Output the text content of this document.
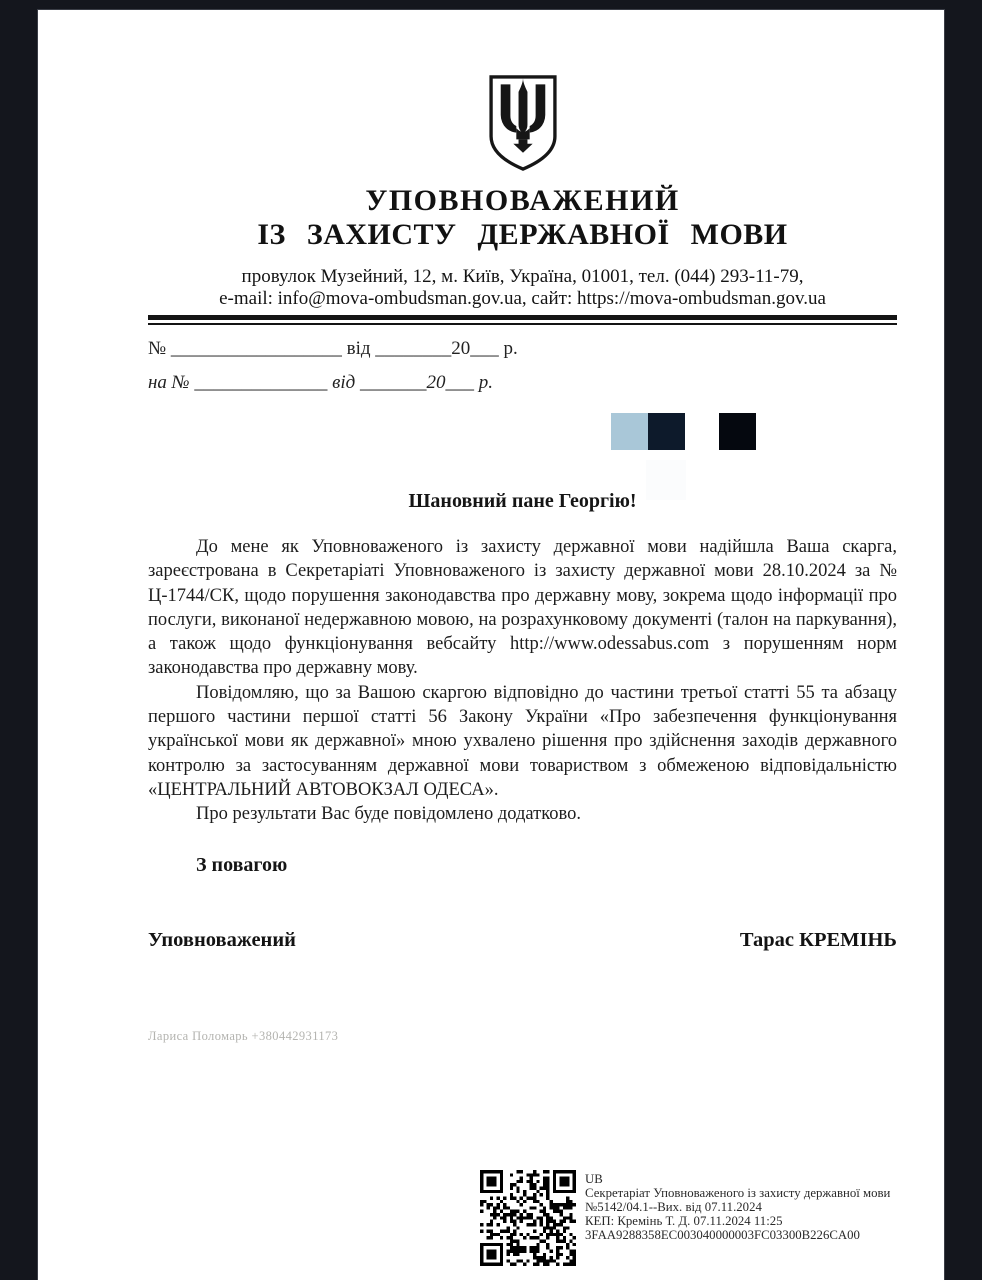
УПОВНОВАЖЕНИЙ
ІЗ ЗАХИСТУ ДЕРЖАВНОЇ МОВИ
провулок Музейний, 12, м. Київ, Україна, 01001, тел. (044) 293-11-79,
e-mail: info@mova-ombudsman.gov.ua, сайт: https://mova-ombudsman.gov.ua
№ __________________ від ________20___ р.
на № ______________ від _______20___ р.
Шановний пане Георгію!

До мене як Уповноваженого із захисту державної мови надійшла Ваша скарга, зареєстрована в Секретаріаті Уповноваженого із захисту державної мови 28.10.2024 за № Ц-1744/СК, щодо порушення законодавства про державну мову, зокрема щодо інформації про послуги, виконаної недержавною мовою, на розрахунковому документі (талон на паркування), а також щодо функціонування вебсайту http://www.odessabus.com з порушенням норм законодавства про державну мову.

Повідомляю, що за Вашою скаргою відповідно до частини третьої статті 55 та абзацу першого частини першої статті 56 Закону України «Про забезпечення функціонування української мови як державної» мною ухвалено рішення про здійснення заходів державного контролю за застосуванням державної мови товариством з обмеженою відповідальністю «ЦЕНТРАЛЬНИЙ АВТОВОКЗАЛ ОДЕСА».

Про результати Вас буде повідомлено додатково.

З повагою
Уповноважений	Тарас КРЕМІНЬ
Лариса Поломарь +380442931173
UB
Секретаріат Уповноваженого із захисту державної мови
№5142/04.1--Вих. від 07.11.2024
КЕП: Кремінь Т. Д. 07.11.2024 11:25
3FAA9288358EC003040000003FC03300B226CA00
